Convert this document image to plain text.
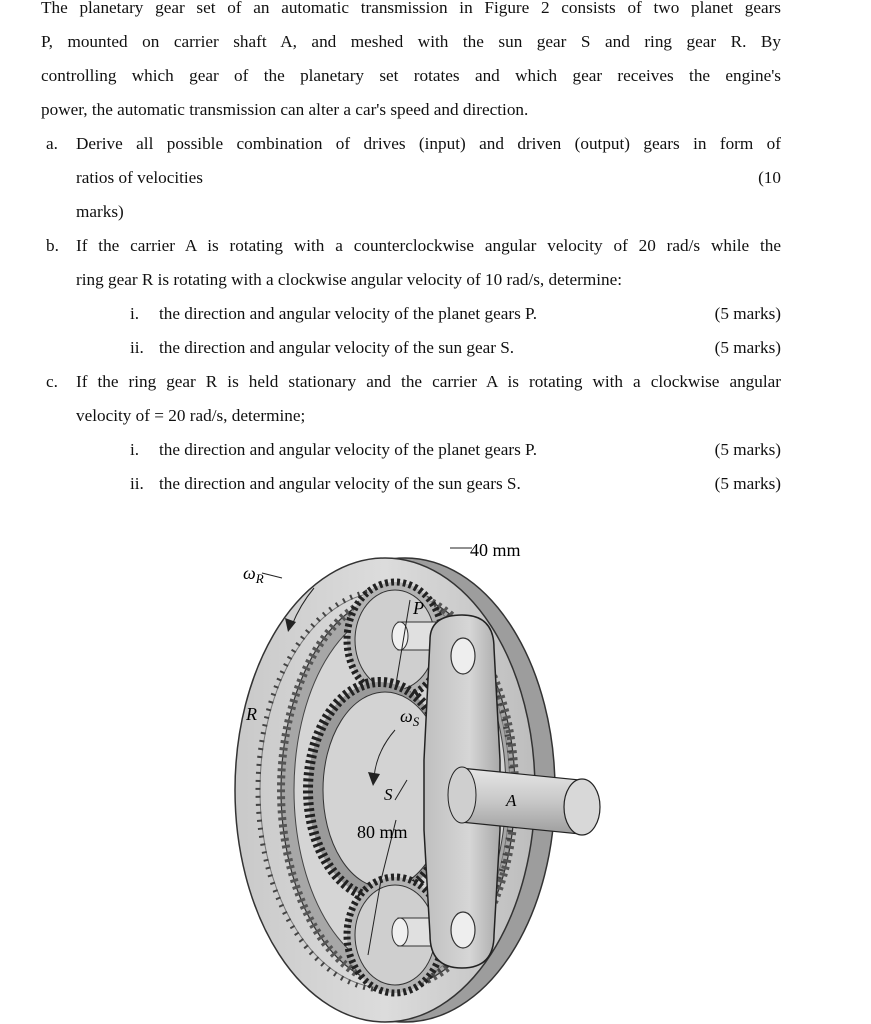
The planetary gear set of an automatic transmission in Figure 2 consists of two planet gears
P, mounted on carrier shaft A, and meshed with the sun gear S and ring gear R. By
controlling which gear of the planetary set rotates and which gear receives the engine's
power, the automatic transmission can alter a car's speed and direction.
a. Derive all possible combination of drives (input) and driven (output) gears in form of
ratios of velocities	(10
marks)
b. If the carrier A is rotating with a counterclockwise angular velocity of 20 rad/s while the
ring gear R is rotating with a clockwise angular velocity of 10 rad/s, determine:
i. the direction and angular velocity of the planet gears P.	(5 marks)
ii. the direction and angular velocity of the sun gear S.	(5 marks)
c. If the ring gear R is held stationary and the carrier A is rotating with a clockwise angular
velocity of = 20 rad/s, determine;
i. the direction and angular velocity of the planet gears P.	(5 marks)
ii. the direction and angular velocity of the sun gears S.	(5 marks)
40 mm
80 mm
R
P
S	A
$\omega_R$
$\omega_S$
